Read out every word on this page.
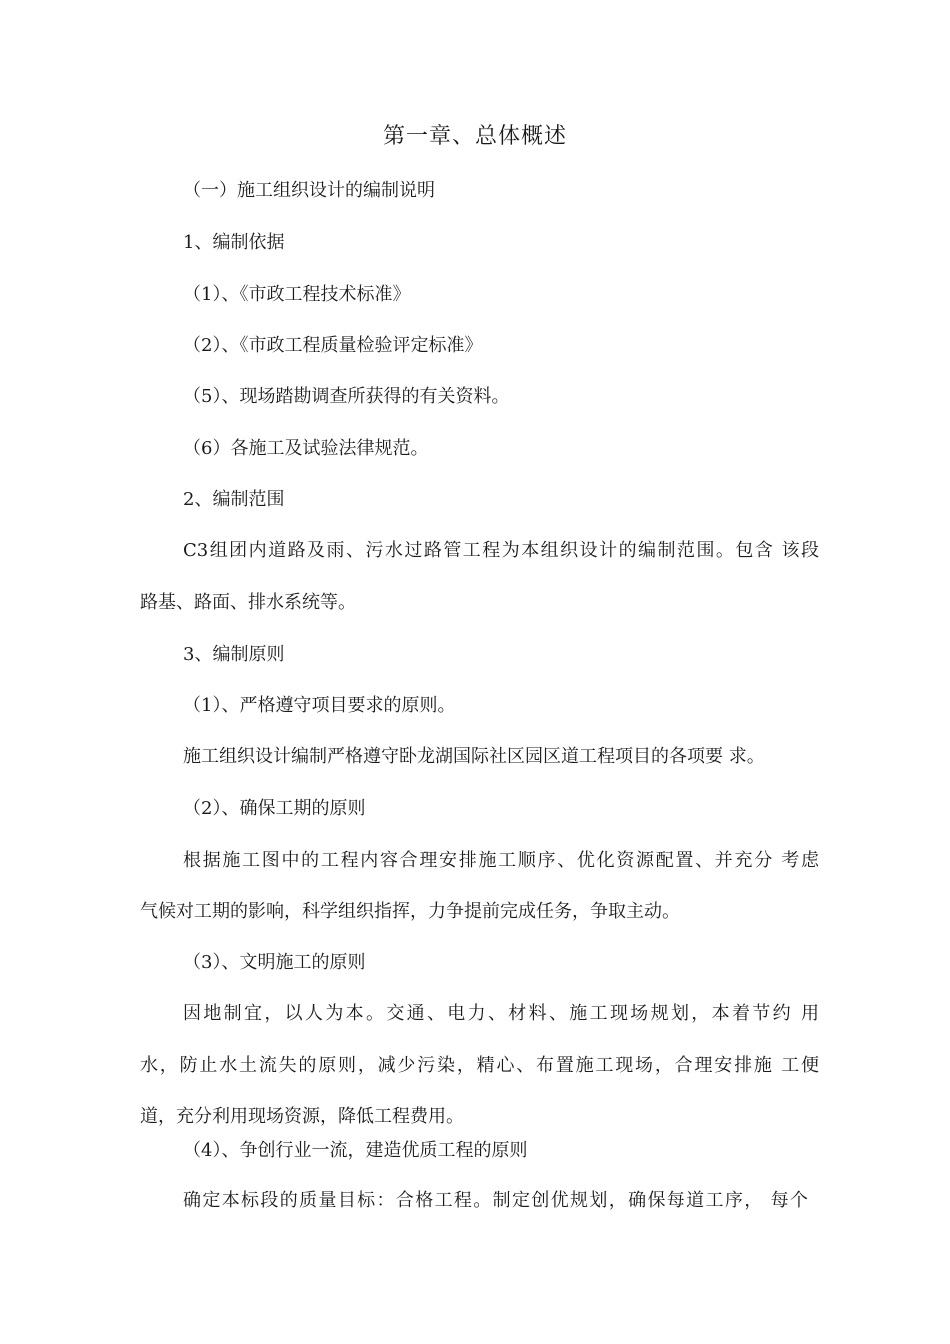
第一章、总体概述
（一）施工组织设计的编制说明
1、编制依据
（1）、《市政工程技术标准》
（2）、《市政工程质量检验评定标准》
（5）、现场踏勘调查所获得的有关资料。
（6）各施工及试验法律规范。
2、编制范围
C3组团内道路及雨、污水过路管工程为本组织设计的编制范围。包含 该段
路基、路面、排水系统等。
3、编制原则
（1）、严格遵守项目要求的原则。
施工组织设计编制严格遵守卧龙湖国际社区园区道工程项目的各项要 求。
（2）、确保工期的原则
根据施工图中的工程内容合理安排施工顺序、优化资源配置、并充分 考虑
气候对工期的影响，科学组织指挥，力争提前完成任务，争取主动。
（3）、文明施工的原则
因地制宜，以人为本。交通、电力、材料、施工现场规划，本着节约 用
水，防止水土流失的原则，减少污染，精心、布置施工现场，合理安排施 工便
道，充分利用现场资源，降低工程费用。
（4）、争创行业一流，建造优质工程的原则
确定本标段的质量目标：合格工程。制定创优规划，确保每道工序， 每个
